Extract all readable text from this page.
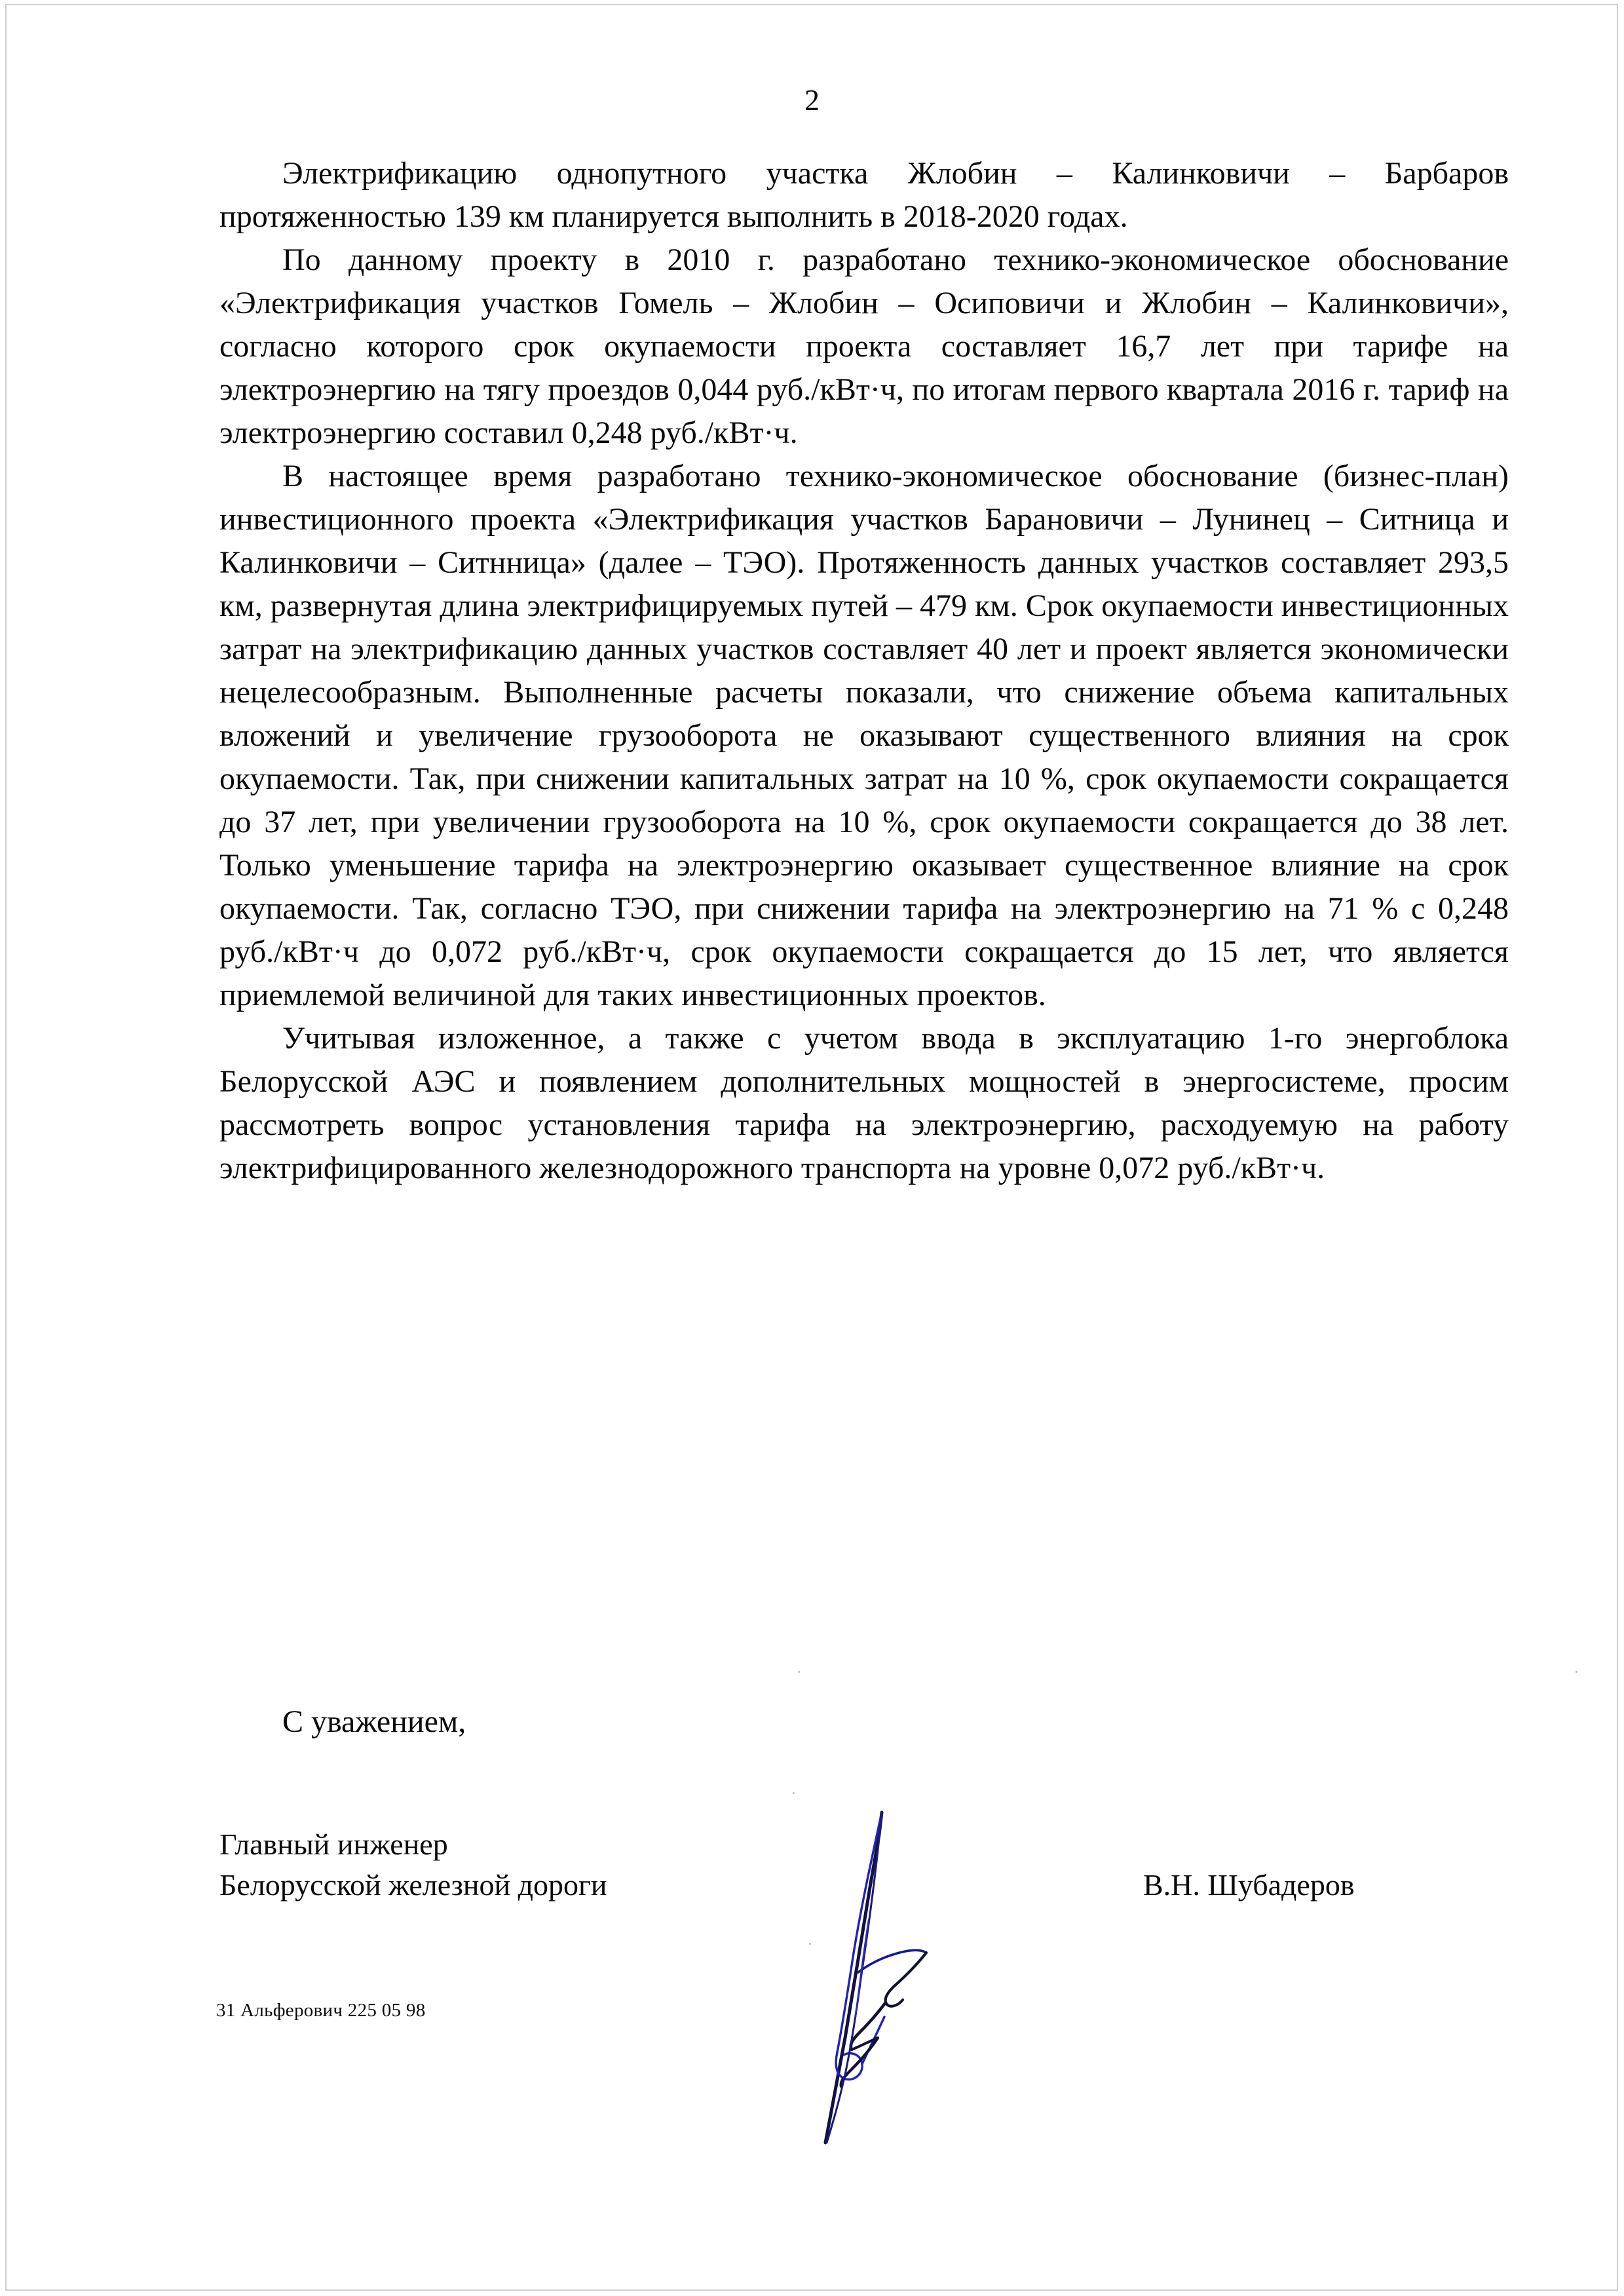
2

Электрификацию однопутного участка Жлобин – Калинковичи – Барбаров протяженностью 139 км планируется выполнить в 2018-2020 годах.

По данному проекту в 2010 г. разработано технико-экономическое обоснование «Электрификация участков Гомель – Жлобин – Осиповичи и Жлобин – Калинковичи», согласно которого срок окупаемости проекта составляет 16,7 лет при тарифе на электроэнергию на тягу проездов 0,044 руб./кВт·ч, по итогам первого квартала 2016 г. тариф на электроэнергию составил 0,248 руб./кВт·ч.

В настоящее время разработано технико-экономическое обоснование (бизнес-план) инвестиционного проекта «Электрификация участков Барановичи – Лунинец – Ситница и Калинковичи – Ситнница» (далее – ТЭО). Протяженность данных участков составляет 293,5 км, развернутая длина электрифицируемых путей – 479 км. Срок окупаемости инвестиционных затрат на электрификацию данных участков составляет 40 лет и проект является экономически нецелесообразным. Выполненные расчеты показали, что снижение объема капитальных вложений и увеличение грузооборота не оказывают существенного влияния на срок окупаемости. Так, при снижении капитальных затрат на 10 %, срок окупаемости сокращается до 37 лет, при увеличении грузооборота на 10 %, срок окупаемости сокращается до 38 лет. Только уменьшение тарифа на электроэнергию оказывает существенное влияние на срок окупаемости. Так, согласно ТЭО, при снижении тарифа на электроэнергию на 71 % с 0,248 руб./кВт·ч до 0,072 руб./кВт·ч, срок окупаемости сокращается до 15 лет, что является приемлемой величиной для таких инвестиционных проектов.

Учитывая изложенное, а также с учетом ввода в эксплуатацию 1-го энергоблока Белорусской АЭС и появлением дополнительных мощностей в энергосистеме, просим рассмотреть вопрос установления тарифа на электроэнергию, расходуемую на работу электрифицированного железнодорожного транспорта на уровне 0,072 руб./кВт·ч.

С уважением,
Главный инженер
Белорусской железной дороги	В.Н. Шубадеров
31 Альферович 225 05 98
